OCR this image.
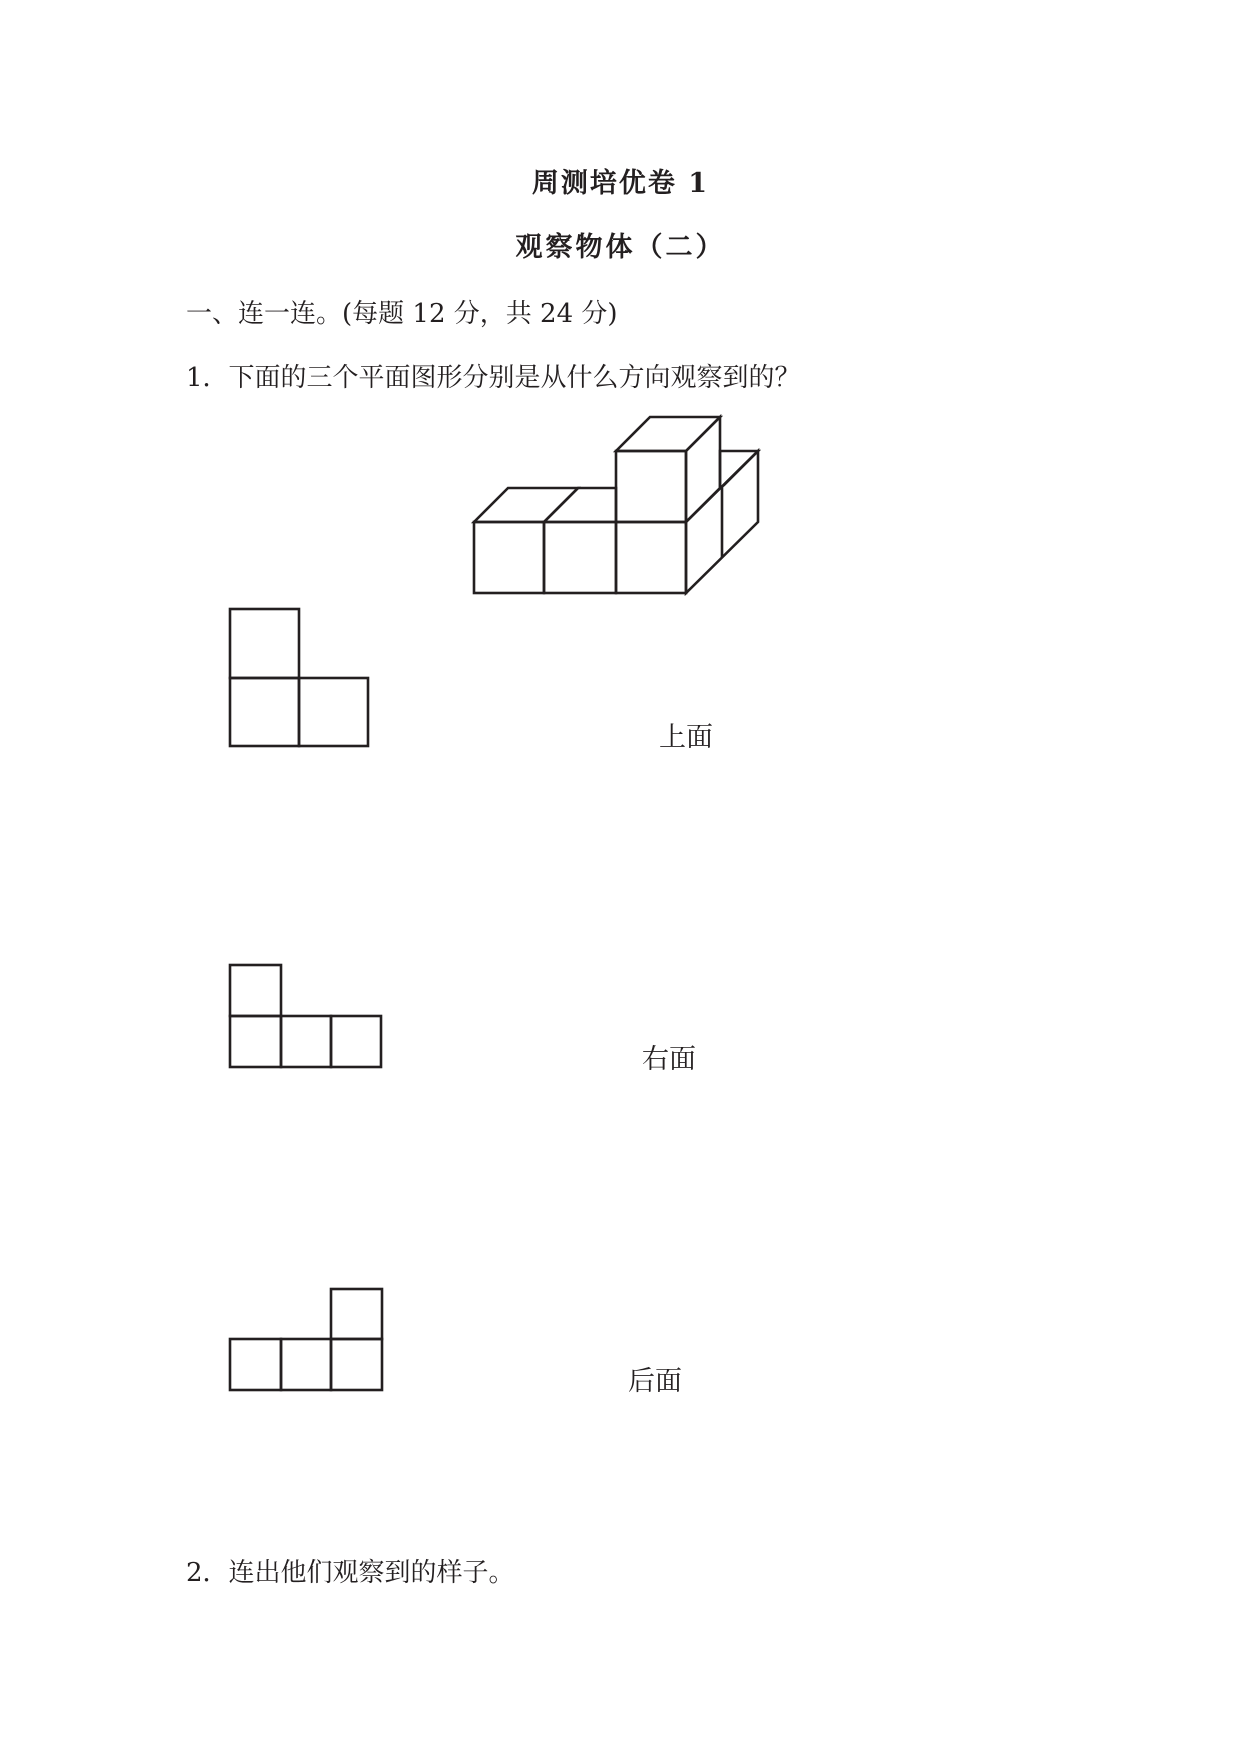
周测培优卷 1
观察物体（二）
一、连一连。(每题 12 分，共 24 分)
1．下面的三个平面图形分别是从什么方向观察到的？
上面
右面
后面
2．连出他们观察到的样子。
